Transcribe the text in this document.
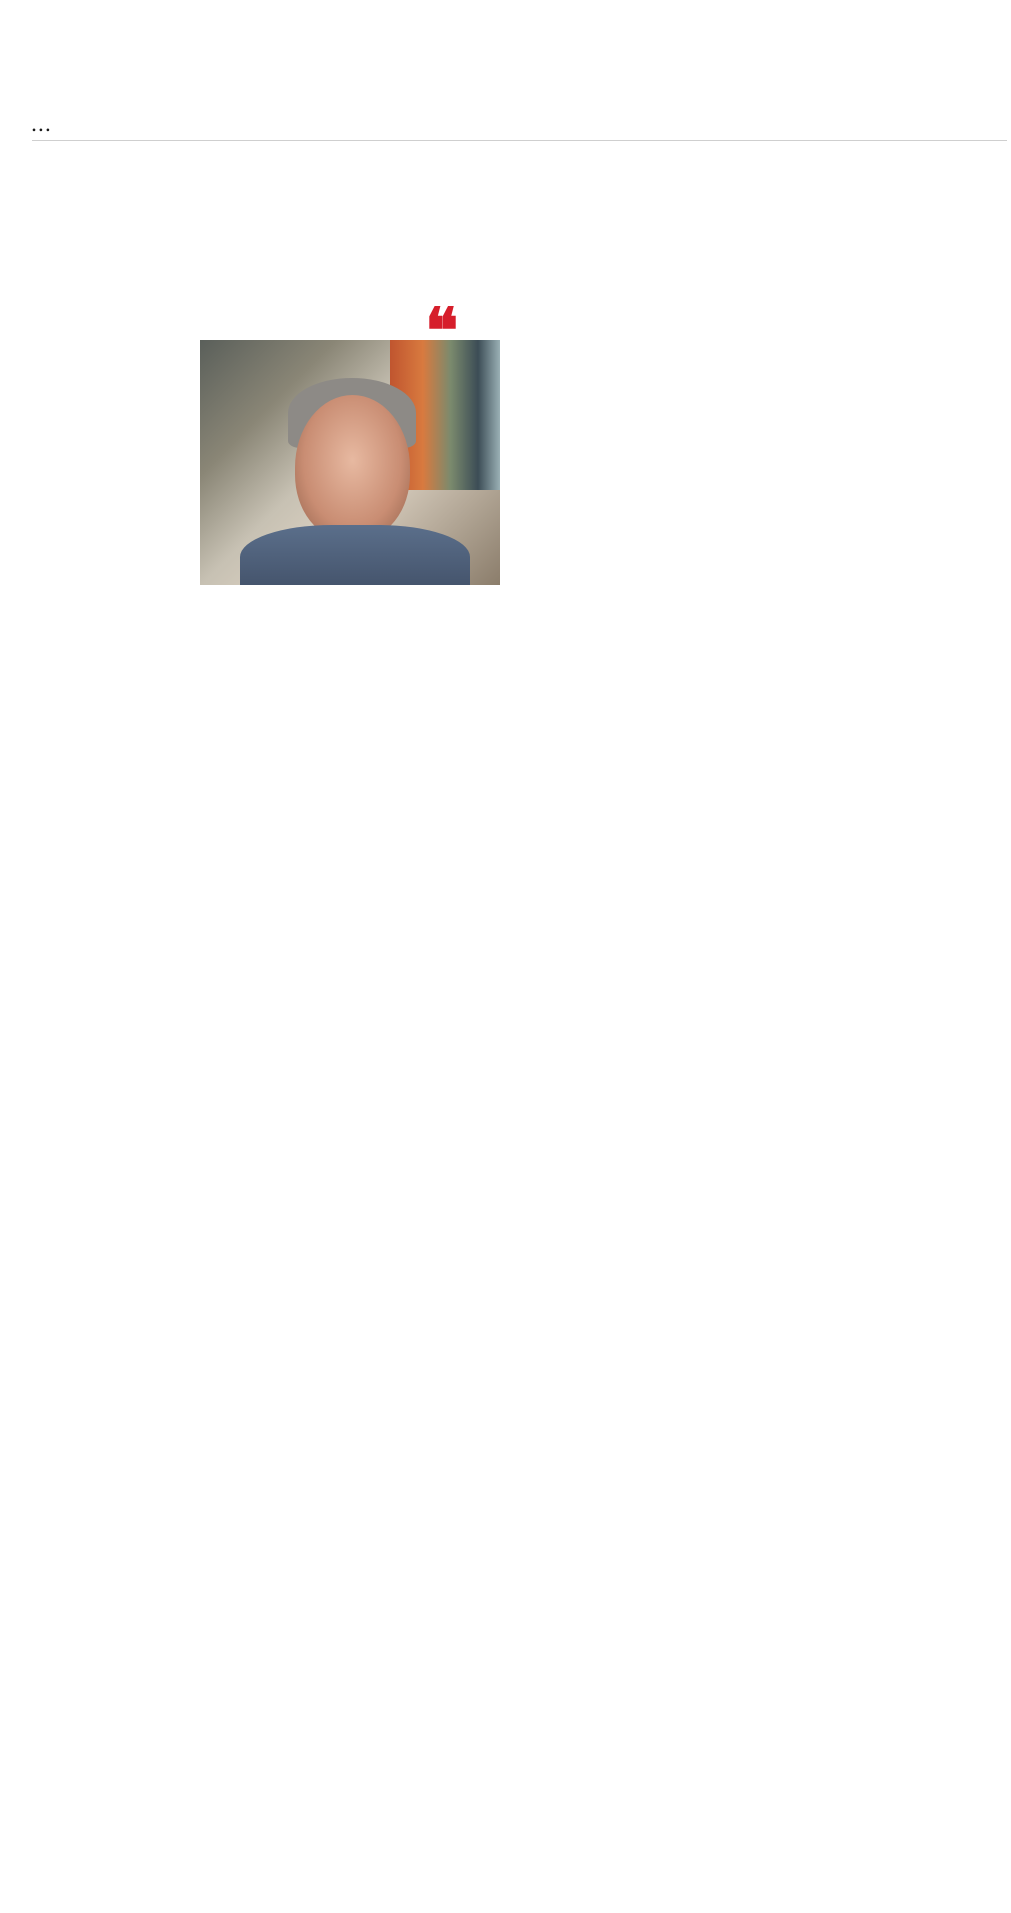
• • •
❝
